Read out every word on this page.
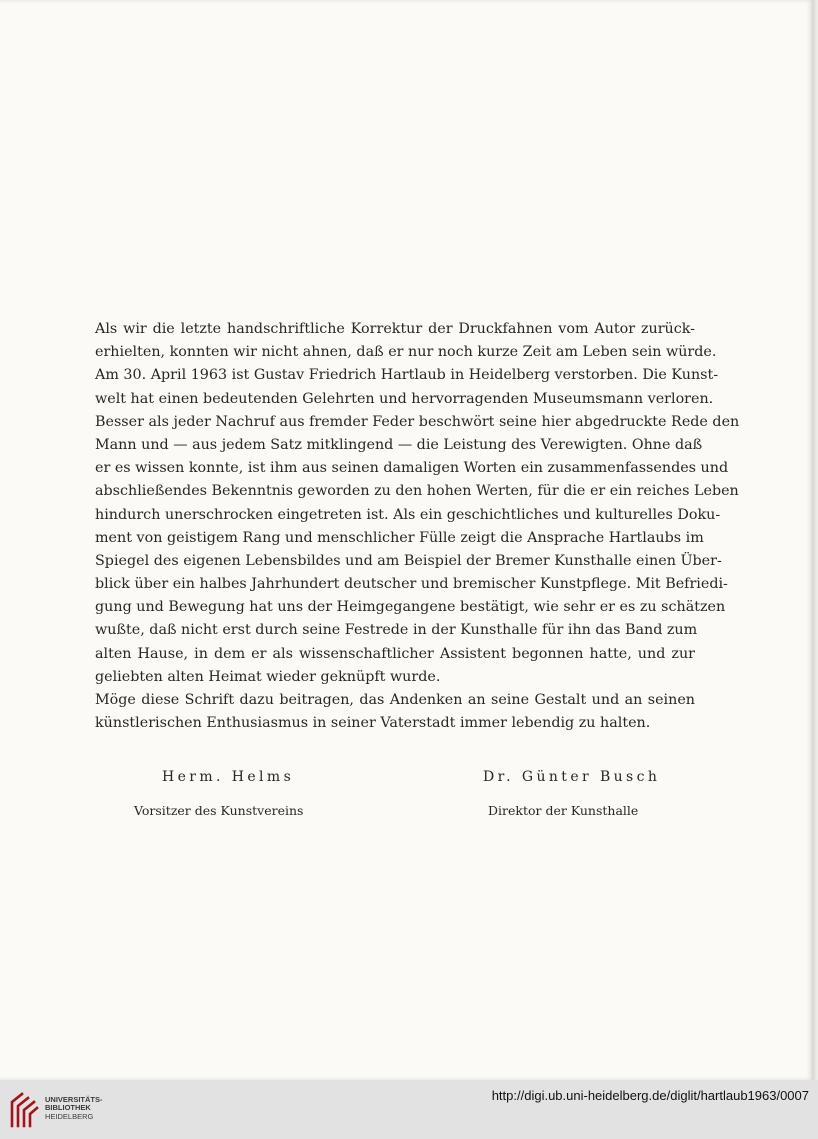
Als wir die letzte handschriftliche Korrektur der Druckfahnen vom Autor zurück-
erhielten, konnten wir nicht ahnen, daß er nur noch kurze Zeit am Leben sein würde.
Am 30. April 1963 ist Gustav Friedrich Hartlaub in Heidelberg verstorben. Die Kunst-
welt hat einen bedeutenden Gelehrten und hervorragenden Museumsmann verloren.
Besser als jeder Nachruf aus fremder Feder beschwört seine hier abgedruckte Rede den
Mann und — aus jedem Satz mitklingend — die Leistung des Verewigten. Ohne daß
er es wissen konnte, ist ihm aus seinen damaligen Worten ein zusammenfassendes und
abschließendes Bekenntnis geworden zu den hohen Werten, für die er ein reiches Leben
hindurch unerschrocken eingetreten ist. Als ein geschichtliches und kulturelles Doku-
ment von geistigem Rang und menschlicher Fülle zeigt die Ansprache Hartlaubs im
Spiegel des eigenen Lebensbildes und am Beispiel der Bremer Kunsthalle einen Über-
blick über ein halbes Jahrhundert deutscher und bremischer Kunstpflege. Mit Befriedi-
gung und Bewegung hat uns der Heimgegangene bestätigt, wie sehr er es zu schätzen
wußte, daß nicht erst durch seine Festrede in der Kunsthalle für ihn das Band zum
alten Hause, in dem er als wissenschaftlicher Assistent begonnen hatte, und zur
geliebten alten Heimat wieder geknüpft wurde.
Möge diese Schrift dazu beitragen, das Andenken an seine Gestalt und an seinen
künstlerischen Enthusiasmus in seiner Vaterstadt immer lebendig zu halten.
Herm. Helms	Dr. Günter Busch
Vorsitzer des Kunstvereins	Direktor der Kunsthalle
UNIVERSITÄTS-
BIBLIOTHEK
HEIDELBERG
http://digi.ub.uni-heidelberg.de/diglit/hartlaub1963/0007
